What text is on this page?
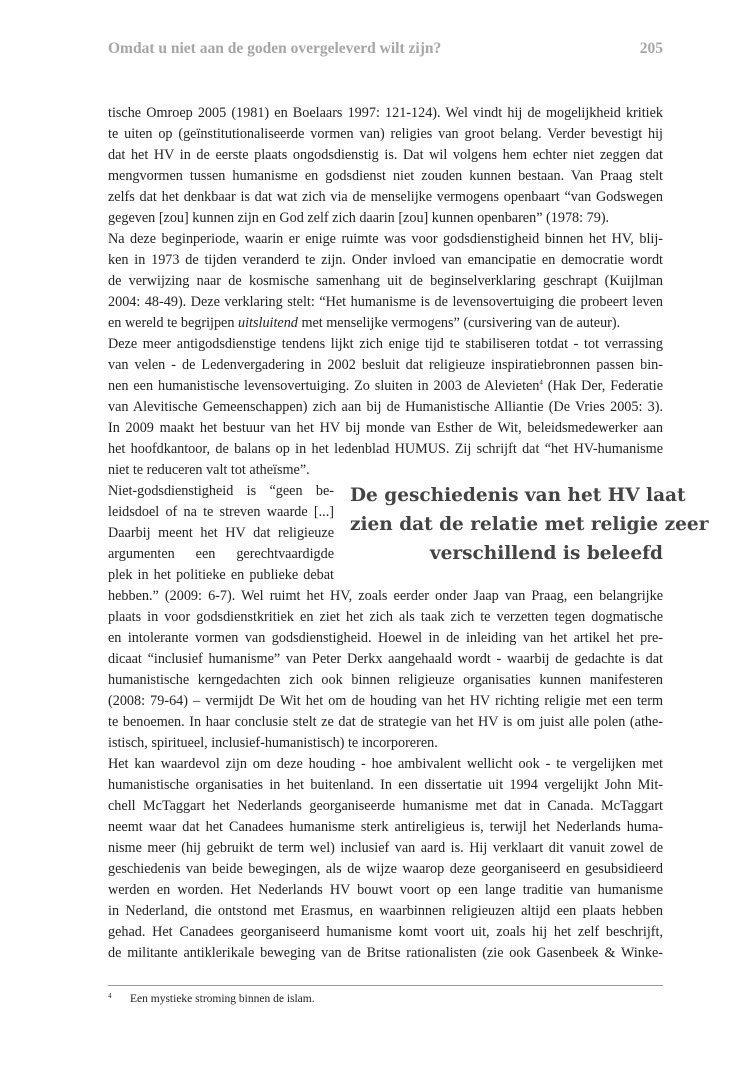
Omdat u niet aan de goden overgeleverd wilt zijn?	205
tische Omroep 2005 (1981) en Boelaars 1997: 121-124). Wel vindt hij de mogelijkheid kritiek
te uiten op (geïnstitutionaliseerde vormen van) religies van groot belang. Verder bevestigt hij
dat het HV in de eerste plaats ongodsdienstig is. Dat wil volgens hem echter niet zeggen dat
mengvormen tussen humanisme en godsdienst niet zouden kunnen bestaan. Van Praag stelt
zelfs dat het denkbaar is dat wat zich via de menselijke vermogens openbaart “van Godswegen
gegeven [zou] kunnen zijn en God zelf zich daarin [zou] kunnen openbaren” (1978: 79).
Na deze beginperiode, waarin er enige ruimte was voor godsdienstigheid binnen het HV, blij-
ken in 1973 de tijden veranderd te zijn. Onder invloed van emancipatie en democratie wordt
de verwijzing naar de kosmische samenhang uit de beginselverklaring geschrapt (Kuijlman
2004: 48-49). Deze verklaring stelt: “Het humanisme is de levensovertuiging die probeert leven
en wereld te begrijpen uitsluitend met menselijke vermogens” (cursivering van de auteur).
Deze meer antigodsdienstige tendens lijkt zich enige tijd te stabiliseren totdat - tot verrassing
van velen - de Ledenvergadering in 2002 besluit dat religieuze inspiratiebronnen passen bin-
nen een humanistische levensovertuiging. Zo sluiten in 2003 de Alevieten$^4$ (Hak Der, Federatie
van Alevitische Gemeenschappen) zich aan bij de Humanistische Alliantie (De Vries 2005: 3).
In 2009 maakt het bestuur van het HV bij monde van Esther de Wit, beleidsmedewerker aan
het hoofdkantoor, de balans op in het ledenblad HUMUS. Zij schrijft dat “het HV-humanisme
niet te reduceren valt tot atheïsme”.
Niet-godsdienstigheid is “geen be-
leidsdoel of na te streven waarde [...]
Daarbij meent het HV dat religieuze
argumenten een gerechtvaardigde
plek in het politieke en publieke debat
hebben.” (2009: 6-7). Wel ruimt het HV, zoals eerder onder Jaap van Praag, een belangrijke
plaats in voor godsdienstkritiek en ziet het zich als taak zich te verzetten tegen dogmatische
en intolerante vormen van godsdienstigheid. Hoewel in de inleiding van het artikel het pre-
dicaat “inclusief humanisme” van Peter Derkx aangehaald wordt - waarbij de gedachte is dat
humanistische kerngedachten zich ook binnen religieuze organisaties kunnen manifesteren
(2008: 79-64) – vermijdt De Wit het om de houding van het HV richting religie met een term
te benoemen. In haar conclusie stelt ze dat de strategie van het HV is om juist alle polen (athe-
istisch, spiritueel, inclusief-humanistisch) te incorporeren.
Het kan waardevol zijn om deze houding - hoe ambivalent wellicht ook - te vergelijken met
humanistische organisaties in het buitenland. In een dissertatie uit 1994 vergelijkt John Mit-
chell McTaggart het Nederlands georganiseerde humanisme met dat in Canada. McTaggart
neemt waar dat het Canadees humanisme sterk antireligieus is, terwijl het Nederlands huma-
nisme meer (hij gebruikt de term wel) inclusief van aard is. Hij verklaart dit vanuit zowel de
geschiedenis van beide bewegingen, als de wijze waarop deze georganiseerd en gesubsidieerd
werden en worden. Het Nederlands HV bouwt voort op een lange traditie van humanisme
in Nederland, die ontstond met Erasmus, en waarbinnen religieuzen altijd een plaats hebben
gehad. Het Canadees georganiseerd humanisme komt voort uit, zoals hij het zelf beschrijft,
de militante antiklerikale beweging van de Britse rationalisten (zie ook Gasenbeek & Winke-
De geschiedenis van het HV laat
zien dat de relatie met religie zeer
verschillend is beleefd
4 Een mystieke stroming binnen de islam.
